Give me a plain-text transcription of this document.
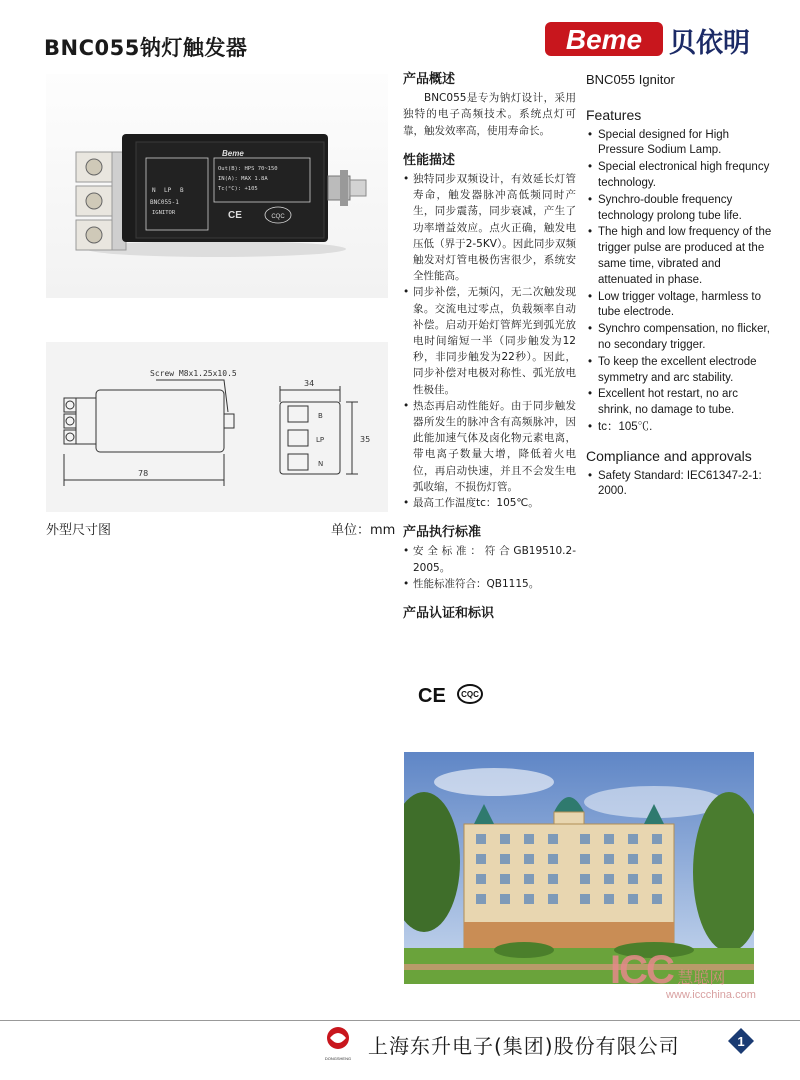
BNC055钠灯触发器	Beme 贝依明
Beme
Out(B): HPS 70~150
IN(A): MAX 1.8A
Tc(°C): +105
BNC055-1
IGNITOR
N LP B
CE	CQC
Screw M8x1.25x10.5
78
34
35
B
LP
N
外型尺寸图	单位：mm
产品概述

BNC055是专为钠灯设计，采用独特的电子高频技术。系统点灯可靠，触发效率高，使用寿命长。

性能描述
• 独特同步双频设计，有效延长灯管寿命，触发器脉冲高低频同时产生，同步震荡，同步衰减，产生了功率增益效应。点火正确，触发电压低（界于2-5KV）。因此同步双频触发对灯管电极伤害很少，系统安全性能高。
• 同步补偿，无频闪，无二次触发现象。交流电过零点，负载频率自动补偿。启动开始灯管辉光到弧光放电时间缩短一半（同步触发为12秒，非同步触发为22秒）。因此，同步补偿对电极对称性、弧光放电性极佳。
• 热态再启动性能好。由于同步触发器所发生的脉冲含有高频脉冲，因此能加速气体及卤化物元素电离，带电离子数量大增，降低着火电位，再启动快速，并且不会发生电弧收缩，不损伤灯管。
• 最高工作温度tc：105℃。
产品执行标准
• 安全标准：符合GB19510.2-2005。
• 性能标准符合：QB1115。
产品认证和标识
CE CQC
BNC055 Ignitor
Features
• Special designed for High Pressure Sodium Lamp.
• Special electronical high frequncy technology.
• Synchro-double frequency technology prolong tube life.
• The high and low frequency of the trigger pulse are produced at the same time, vibrated and attenuated in phase.
• Low trigger voltage, harmless to tube electrode.
• Synchro compensation, no flicker, no secondary trigger.
• To keep the excellent electrode symmetry and arc stability.
• Excellent hot restart, no arc shrink, no damage to tube.
• tc：105℃.
Compliance and approvals
• Safety Standard: IEC61347-2-1: 2000.
ICC 慧聪网
www.iccchina.com
DONGSHENG
上海东升电子(集团)股份有限公司	1
